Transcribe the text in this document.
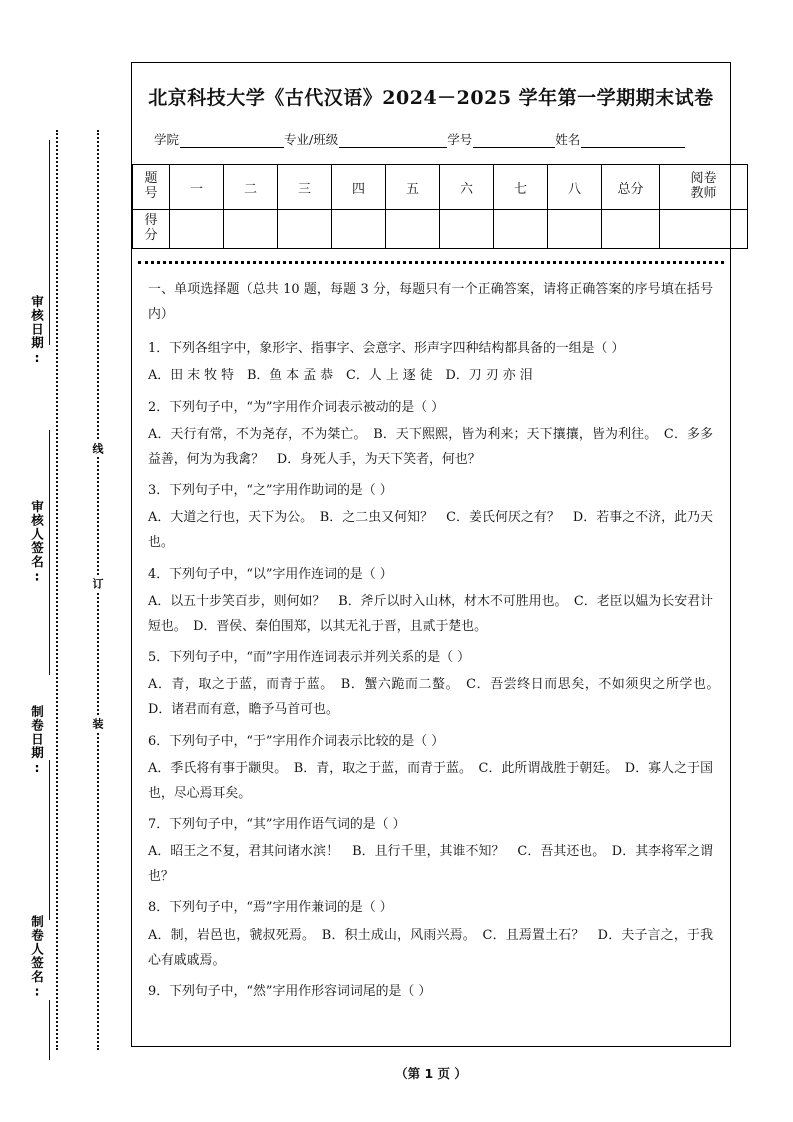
审核日期:
审核人签名:
制卷日期:
制卷人签名:
线
订
装
北京科技大学《古代汉语》2024－2025 学年第一学期期末试卷
学院	专业/班级	学号	姓名
题
号	一	二	三	四	五	六	七	八	总分	阅卷
教师

得
分										

一、单项选择题（总共 10 题，每题 3 分，每题只有一个正确答案，请将正确答案的序号填在括号内）

1．下列各组字中，象形字、指事字、会意字、形声字四种结构都具备的一组是（ ）

A．田 末 牧 特　B．鱼 本 孟 恭　C．人 上 逐 徒　D．刀 刃 亦 泪

2．下列句子中，“为”字用作介词表示被动的是（ ）

A．天行有常，不为尧存，不为桀亡。　B．天下熙熙，皆为利来；天下攘攘，皆为利往。　C．多多益善，何为为我禽？　D．身死人手，为天下笑者，何也？

3．下列句子中，“之”字用作助词的是（ ）

A．大道之行也，天下为公。　B．之二虫又何知？　C．姜氏何厌之有？　D．若事之不济，此乃天也。

4．下列句子中，“以”字用作连词的是（ ）

A．以五十步笑百步，则何如？　B．斧斤以时入山林，材木不可胜用也。　C．老臣以媪为长安君计短也。　D．晋侯、秦伯围郑，以其无礼于晋，且贰于楚也。

5．下列句子中，“而”字用作连词表示并列关系的是（ ）

A．青，取之于蓝，而青于蓝。　B．蟹六跪而二螯。　C．吾尝终日而思矣，不如须臾之所学也。　D．诸君而有意，瞻予马首可也。

6．下列句子中，“于”字用作介词表示比较的是（ ）

A．季氏将有事于颛臾。　B．青，取之于蓝，而青于蓝。　C．此所谓战胜于朝廷。　D．寡人之于国也，尽心焉耳矣。

7．下列句子中，“其”字用作语气词的是（ ）

A．昭王之不复，君其问诸水滨！　B．且行千里，其谁不知？　C．吾其还也。　D．其李将军之谓也？

8．下列句子中，“焉”字用作兼词的是（ ）

A．制，岩邑也，虢叔死焉。　B．积土成山，风雨兴焉。　C．且焉置土石？　D．夫子言之，于我心有戚戚焉。

9．下列句子中，“然”字用作形容词词尾的是（ ）

（第 1 页 ）
